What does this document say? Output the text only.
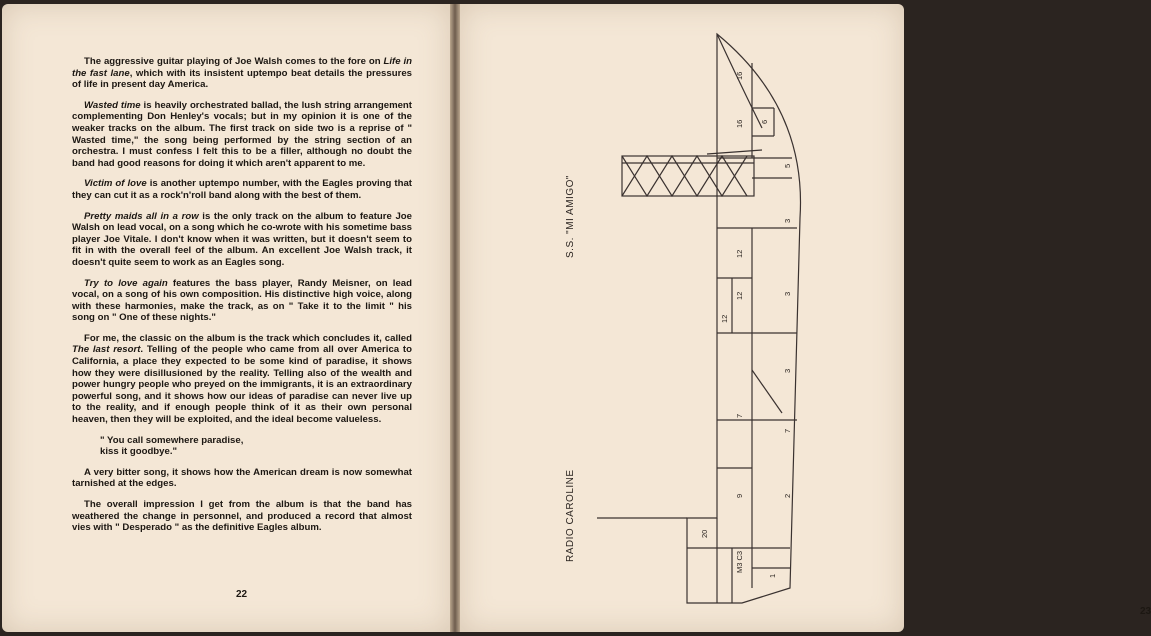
The aggressive guitar playing of Joe Walsh comes to the fore on Life in the fast lane, which with its insistent uptempo beat details the pressures of life in present day America.

Wasted time is heavily orchestrated ballad, the lush string arrangement complementing Don Henley's vocals; but in my opinion it is one of the weaker tracks on the album. The first track on side two is a reprise of " Wasted time," the song being performed by the string section of an orchestra. I must confess I felt this to be a filler, although no doubt the band had good reasons for doing it which aren't apparent to me.

Victim of love is another uptempo number, with the Eagles proving that they can cut it as a rock'n'roll band along with the best of them.

Pretty maids all in a row is the only track on the album to feature Joe Walsh on lead vocal, on a song which he co-wrote with his sometime bass player Joe Vitale. I don't know when it was written, but it doesn't seem to fit in with the overall feel of the album. An excellent Joe Walsh track, it doesn't quite seem to work as an Eagles song.

Try to love again features the bass player, Randy Meisner, on lead vocal, on a song of his own composition. His distinctive high voice, along with these harmonies, make the track, as on " Take it to the limit " his song on " One of these nights."

For me, the classic on the album is the track which concludes it, called The last resort. Telling of the people who came from all over America to California, a place they expected to be some kind of paradise, it shows how they were disillusioned by the reality. Telling also of the wealth and power hungry people who preyed on the immigrants, it is an extraordinary powerful song, and it shows how our ideas of paradise can never live up to the reality, and if enough people think of it as their own personal heaven, then they will be exploited, and the ideal become valueless.

" You call somewhere paradise,
kiss it goodbye."

A very bitter song, it shows how the American dream is now somewhat tarnished at the edges.

The overall impression I get from the album is that the band has weathered the change in personnel, and produced a record that almost vies with " Desperado " as the definitive Eagles album.

22
23
S.S. "MI AMIGO"
RADIO CAROLINE
16
16 6
5
3
12
12
12
3
3
7
7
9	2
20
M3 C3
1
